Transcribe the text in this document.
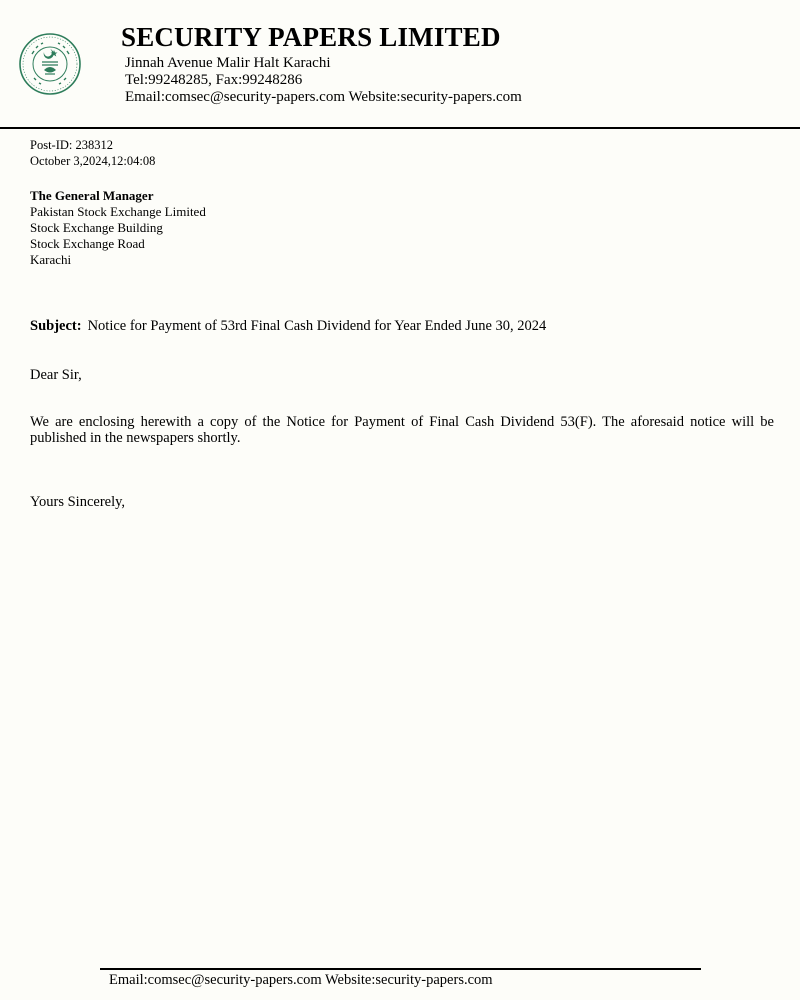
SECURITY PAPERS LIMITED
Jinnah Avenue Malir Halt Karachi
Tel:99248285, Fax:99248286
Email:comsec@security-papers.com Website:security-papers.com
Post-ID: 238312
October 3,2024,12:04:08
The General Manager
Pakistan Stock Exchange Limited
Stock Exchange Building
Stock Exchange Road
Karachi
Subject: Notice for Payment of 53rd Final Cash Dividend for Year Ended June 30, 2024
Dear Sir,

We are enclosing herewith a copy of the Notice for Payment of Final Cash Dividend 53(F). The aforesaid notice will be published in the newspapers shortly.

Yours Sincerely,
Email:comsec@security-papers.com Website:security-papers.com
